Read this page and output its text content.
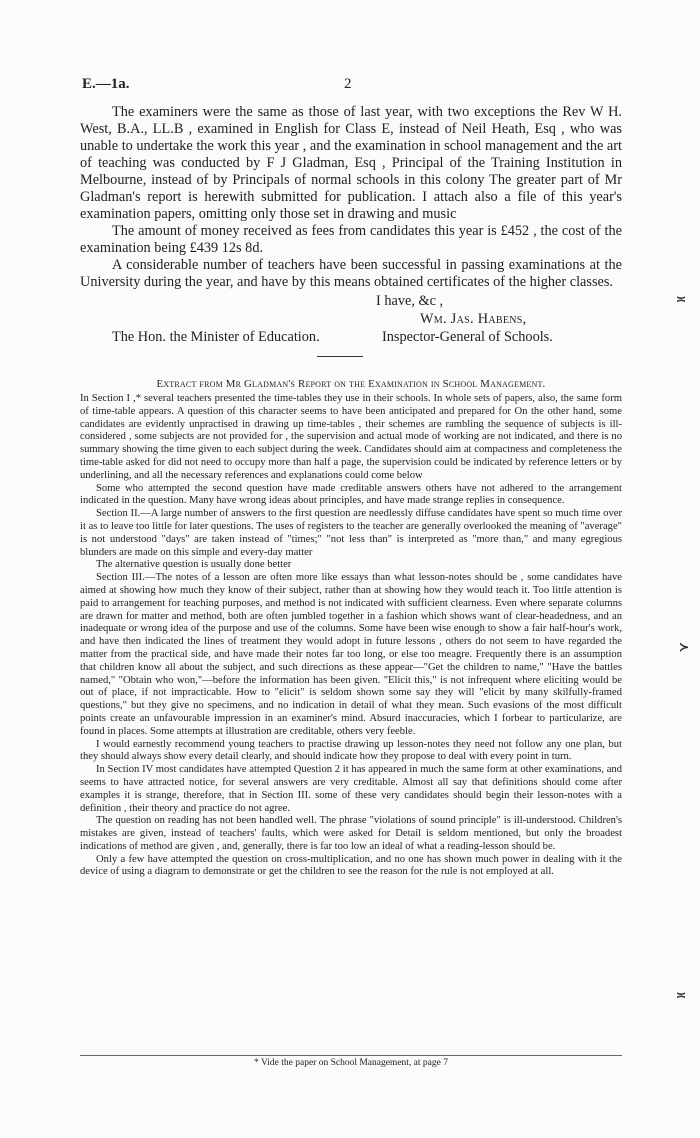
E.—1a.	2

The examiners were the same as those of last year, with two exceptions the Rev W H. West, B.A., LL.B , examined in English for Class E, instead of Neil Heath, Esq , who was unable to undertake the work this year , and the examination in school management and the art of teaching was conducted by F J Gladman, Esq , Principal of the Training Institution in Melbourne, instead of by Principals of normal schools in this colony The greater part of Mr Gladman's report is herewith submitted for publication. I attach also a file of this year's examination papers, omitting only those set in drawing and music

The amount of money received as fees from candidates this year is £452 , the cost of the examination being £439 12s 8d.

A considerable number of teachers have been successful in passing examinations at the University during the year, and have by this means obtained certificates of the higher classes.

I have, &c ,
Wm. Jas. Habens,
The Hon. the Minister of Education.	Inspector-General of Schools.
Extract from Mr Gladman's Report on the Examination in School Management.

In Section I ,* several teachers presented the time-tables they use in their schools. In whole sets of papers, also, the same form of time-table appears. A question of this character seems to have been anticipated and prepared for On the other hand, some candidates are evidently unpractised in drawing up time-tables , their schemes are rambling the sequence of subjects is ill-considered , some subjects are not provided for , the supervision and actual mode of working are not indicated, and there is no summary showing the time given to each subject during the week. Candidates should aim at compactness and completeness the time-table asked for did not need to occupy more than half a page, the supervision could be indicated by reference letters or by underlining, and all the necessary references and explanations could come below

Some who attempted the second question have made creditable answers others have not adhered to the arrangement indicated in the question. Many have wrong ideas about principles, and have made strange replies in consequence.

Section II.—A large number of answers to the first question are needlessly diffuse candidates have spent so much time over it as to leave too little for later questions. The uses of registers to the teacher are generally overlooked the meaning of "average" is not understood "days" are taken instead of "times;" "not less than" is interpreted as "more than," and many egregious blunders are made on this simple and every-day matter

The alternative question is usually done better

Section III.—The notes of a lesson are often more like essays than what lesson-notes should be , some candidates have aimed at showing how much they know of their subject, rather than at showing how they would teach it. Too little attention is paid to arrangement for teaching purposes, and method is not indicated with sufficient clearness. Even where separate columns are drawn for matter and method, both are often jumbled together in a fashion which shows want of clear-headedness, and an inadequate or wrong idea of the purpose and use of the columns. Some have been wise enough to show a fair half-hour's work, and have then indicated the lines of treatment they would adopt in future lessons , others do not seem to have regarded the matter from the practical side, and have made their notes far too long, or else too meagre. Frequently there is an assumption that children know all about the subject, and such directions as these appear—"Get the children to name," "Have the battles named," "Obtain who won,"—before the information has been given. "Elicit this," is not infrequent where eliciting would be out of place, if not impracticable. How to "elicit" is seldom shown some say they will "elicit by many skilfully-framed questions," but they give no specimens, and no indication in detail of what they mean. Such evasions of the most difficult points create an unfavourable impression in an examiner's mind. Absurd inaccuracies, which I forbear to particularize, are found in places. Some attempts at illustration are creditable, others very feeble.

I would earnestly recommend young teachers to practise drawing up lesson-notes they need not follow any one plan, but they should always show every detail clearly, and should indicate how they propose to deal with every point in turn.

In Section IV most candidates have attempted Question 2 it has appeared in much the same form at other examinations, and seems to have attracted notice, for several answers are very creditable. Almost all say that definitions should come after examples it is strange, therefore, that in Section III. some of these very candidates should begin their lesson-notes with a definition , their theory and practice do not agree.

The question on reading has not been handled well. The phrase "violations of sound principle" is ill-understood. Children's mistakes are given, instead of teachers' faults, which were asked for Detail is seldom mentioned, but only the broadest indications of method are given , and, generally, there is far too low an ideal of what a reading-lesson should be.

Only a few have attempted the question on cross-multiplication, and no one has shown much power in dealing with it the device of using a diagram to demonstrate or get the children to see the reason for the rule is not employed at all.

* Vide the paper on School Management, at page 7
≍
≻
≍
